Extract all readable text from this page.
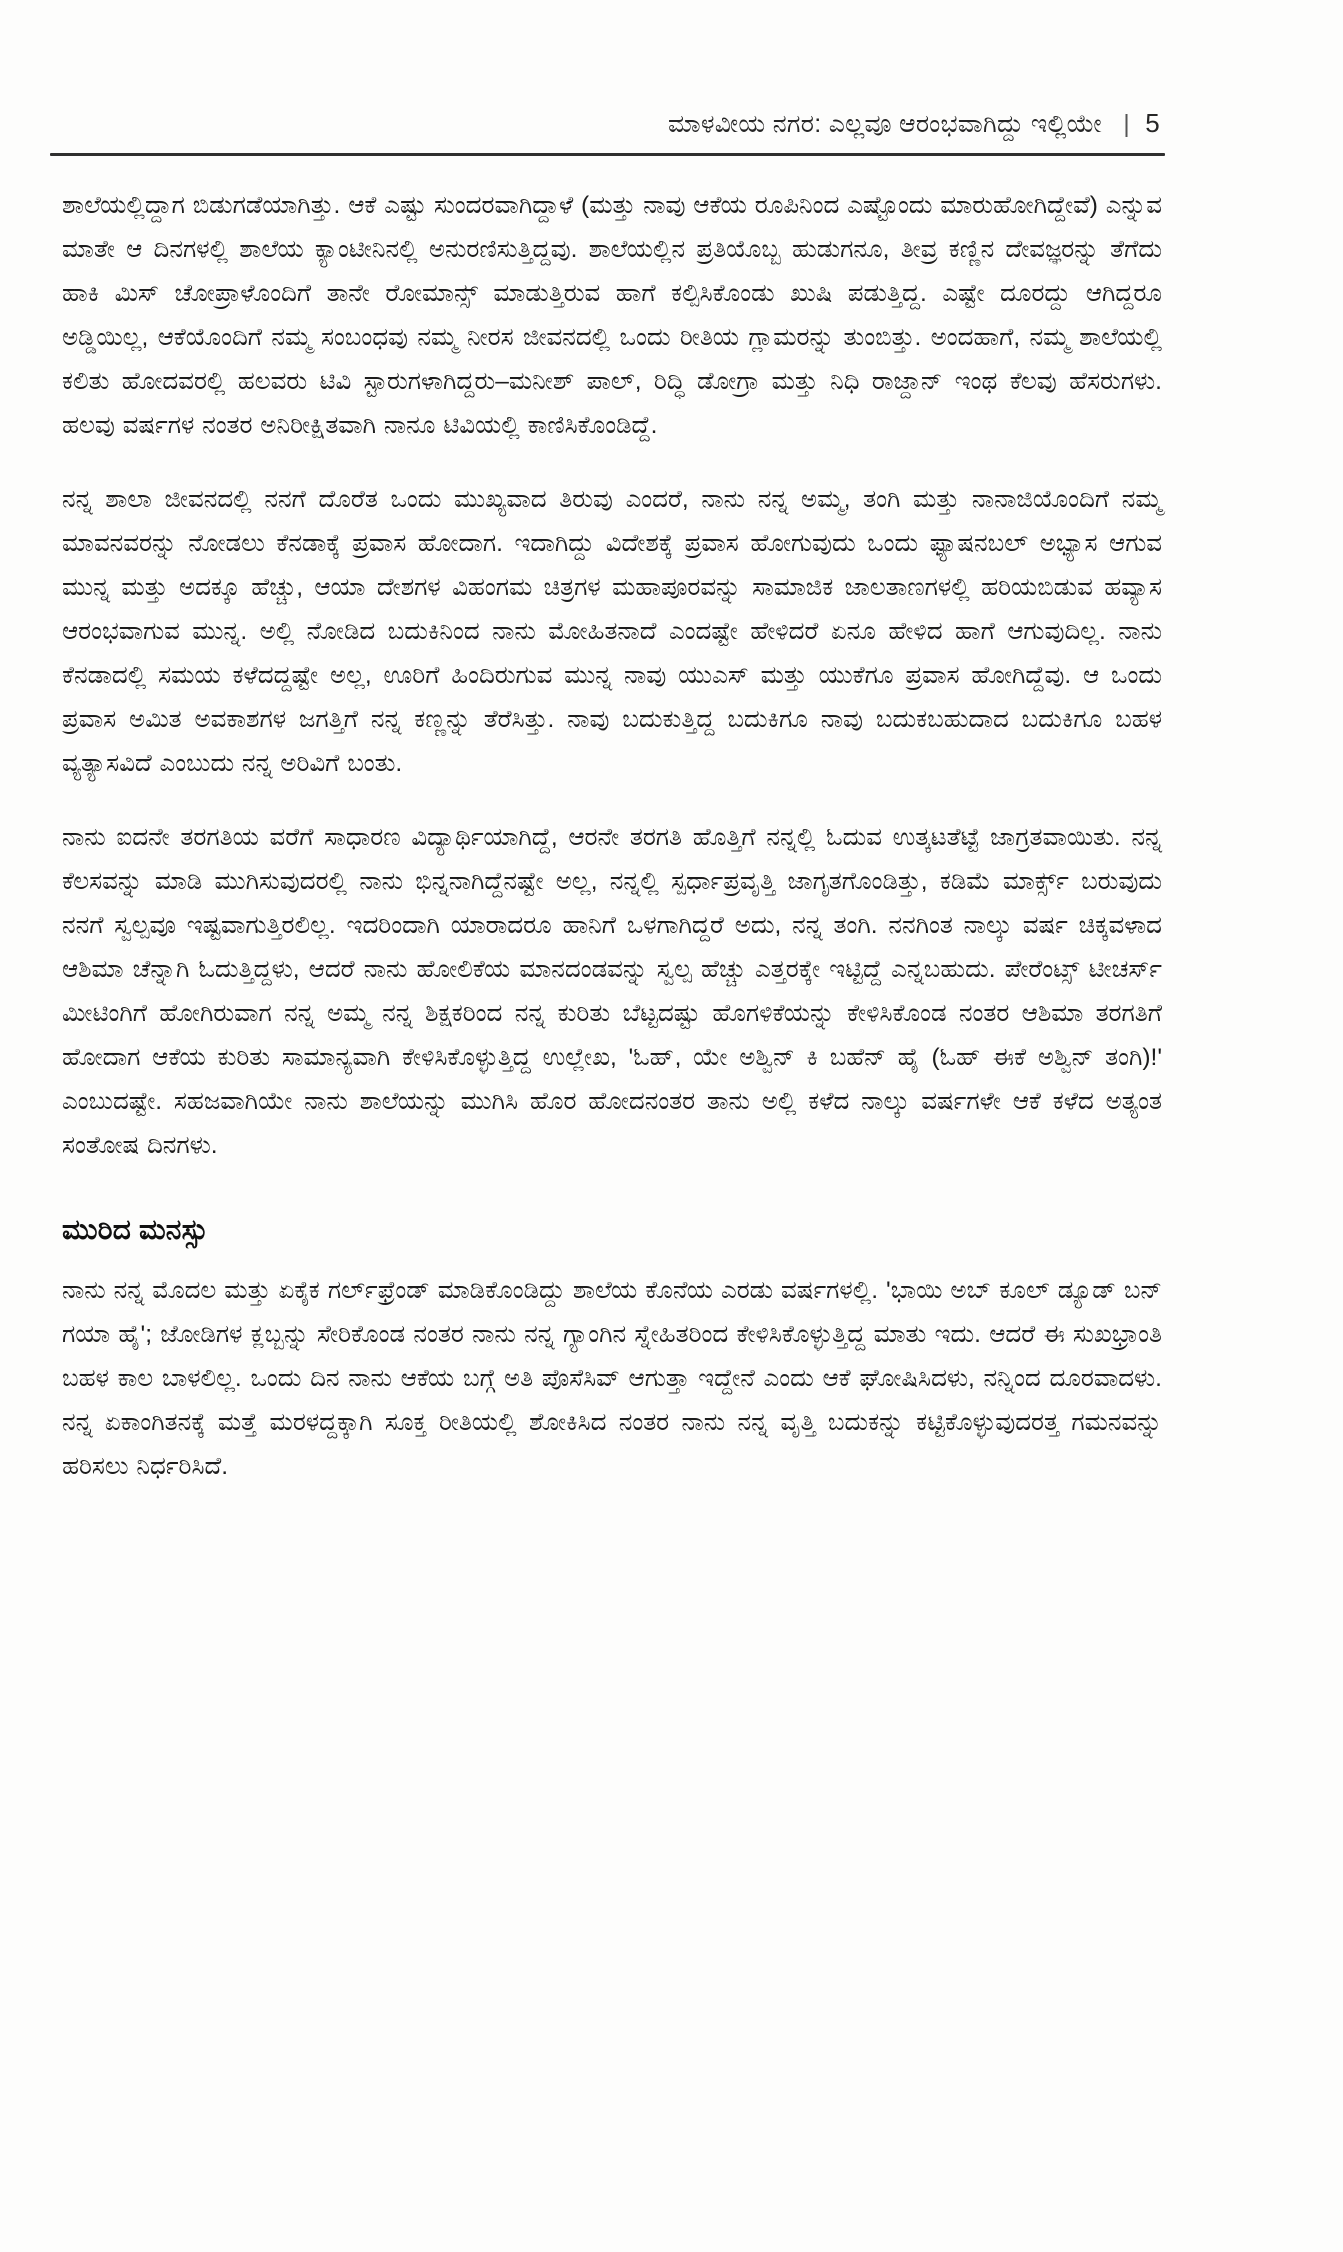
ಮಾಳವೀಯ ನಗರ: ಎಲ್ಲವೂ ಆರಂಭವಾಗಿದ್ದು ಇಲ್ಲಿಯೇ | 5

ಶಾಲೆಯಲ್ಲಿದ್ದಾಗ ಬಿಡುಗಡೆಯಾಗಿತ್ತು. ಆಕೆ ಎಷ್ಟು ಸುಂದರವಾಗಿದ್ದಾಳೆ (ಮತ್ತು ನಾವು ಆಕೆಯ ರೂಪಿನಿಂದ ಎಷ್ಟೊಂದು ಮಾರುಹೋಗಿದ್ದೇವೆ) ಎನ್ನುವ ಮಾತೇ ಆ ದಿನಗಳಲ್ಲಿ ಶಾಲೆಯ ಕ್ಯಾಂಟೀನಿನಲ್ಲಿ ಅನುರಣಿಸುತ್ತಿದ್ದವು. ಶಾಲೆಯಲ್ಲಿನ ಪ್ರತಿಯೊಬ್ಬ ಹುಡುಗನೂ, ತೀವ್ರ ಕಣ್ಣಿನ ದೇವಜ್ಞರನ್ನು ತೆಗೆದು ಹಾಕಿ ಮಿಸ್ ಚೋಪ್ರಾಳೊಂದಿಗೆ ತಾನೇ ರೋಮಾನ್ಸ್ ಮಾಡುತ್ತಿರುವ ಹಾಗೆ ಕಲ್ಪಿಸಿಕೊಂಡು ಖುಷಿ ಪಡುತ್ತಿದ್ದ. ಎಷ್ಟೇ ದೂರದ್ದು ಆಗಿದ್ದರೂ ಅಡ್ಡಿಯಿಲ್ಲ, ಆಕೆಯೊಂದಿಗೆ ನಮ್ಮ ಸಂಬಂಧವು ನಮ್ಮ ನೀರಸ ಜೀವನದಲ್ಲಿ ಒಂದು ರೀತಿಯ ಗ್ಲಾಮರನ್ನು ತುಂಬಿತ್ತು. ಅಂದಹಾಗೆ, ನಮ್ಮ ಶಾಲೆಯಲ್ಲಿ ಕಲಿತು ಹೋದವರಲ್ಲಿ ಹಲವರು ಟಿವಿ ಸ್ಟಾರುಗಳಾಗಿದ್ದರು–ಮನೀಶ್ ಪಾಲ್, ರಿದ್ಧಿ ಡೋಗ್ರಾ ಮತ್ತು ನಿಧಿ ರಾಜ್ದಾನ್ ಇಂಥ ಕೆಲವು ಹೆಸರುಗಳು. ಹಲವು ವರ್ಷಗಳ ನಂತರ ಅನಿರೀಕ್ಷಿತವಾಗಿ ನಾನೂ ಟಿವಿಯಲ್ಲಿ ಕಾಣಿಸಿಕೊಂಡಿದ್ದೆ.

ನನ್ನ ಶಾಲಾ ಜೀವನದಲ್ಲಿ ನನಗೆ ದೊರೆತ ಒಂದು ಮುಖ್ಯವಾದ ತಿರುವು ಎಂದರೆ, ನಾನು ನನ್ನ ಅಮ್ಮ, ತಂಗಿ ಮತ್ತು ನಾನಾಜಿಯೊಂದಿಗೆ ನಮ್ಮ ಮಾವನವರನ್ನು ನೋಡಲು ಕೆನಡಾಕ್ಕೆ ಪ್ರವಾಸ ಹೋದಾಗ. ಇದಾಗಿದ್ದು ವಿದೇಶಕ್ಕೆ ಪ್ರವಾಸ ಹೋಗುವುದು ಒಂದು ಫ್ಯಾಷನಬಲ್ ಅಭ್ಯಾಸ ಆಗುವ ಮುನ್ನ ಮತ್ತು ಅದಕ್ಕೂ ಹೆಚ್ಚು, ಆಯಾ ದೇಶಗಳ ವಿಹಂಗಮ ಚಿತ್ರಗಳ ಮಹಾಪೂರವನ್ನು ಸಾಮಾಜಿಕ ಜಾಲತಾಣಗಳಲ್ಲಿ ಹರಿಯಬಿಡುವ ಹವ್ಯಾಸ ಆರಂಭವಾಗುವ ಮುನ್ನ. ಅಲ್ಲಿ ನೋಡಿದ ಬದುಕಿನಿಂದ ನಾನು ಮೋಹಿತನಾದೆ ಎಂದಷ್ಟೇ ಹೇಳಿದರೆ ಏನೂ ಹೇಳಿದ ಹಾಗೆ ಆಗುವುದಿಲ್ಲ. ನಾನು ಕೆನಡಾದಲ್ಲಿ ಸಮಯ ಕಳೆದದ್ದಷ್ಟೇ ಅಲ್ಲ, ಊರಿಗೆ ಹಿಂದಿರುಗುವ ಮುನ್ನ ನಾವು ಯುಎಸ್ ಮತ್ತು ಯುಕೆಗೂ ಪ್ರವಾಸ ಹೋಗಿದ್ದೆವು. ಆ ಒಂದು ಪ್ರವಾಸ ಅಮಿತ ಅವಕಾಶಗಳ ಜಗತ್ತಿಗೆ ನನ್ನ ಕಣ್ಣನ್ನು ತೆರೆಸಿತ್ತು. ನಾವು ಬದುಕುತ್ತಿದ್ದ ಬದುಕಿಗೂ ನಾವು ಬದುಕಬಹುದಾದ ಬದುಕಿಗೂ ಬಹಳ ವ್ಯತ್ಯಾಸವಿದೆ ಎಂಬುದು ನನ್ನ ಅರಿವಿಗೆ ಬಂತು.

ನಾನು ಐದನೇ ತರಗತಿಯ ವರೆಗೆ ಸಾಧಾರಣ ವಿದ್ಯಾರ್ಥಿಯಾಗಿದ್ದೆ, ಆರನೇ ತರಗತಿ ಹೊತ್ತಿಗೆ ನನ್ನಲ್ಲಿ ಓದುವ ಉತ್ಕಟತೆಟ್ಟೆ ಜಾಗ್ರತವಾಯಿತು. ನನ್ನ ಕೆಲಸವನ್ನು ಮಾಡಿ ಮುಗಿಸುವುದರಲ್ಲಿ ನಾನು ಭಿನ್ನನಾಗಿದ್ದೆನಷ್ಟೇ ಅಲ್ಲ, ನನ್ನಲ್ಲಿ ಸ್ಪರ್ಧಾಪ್ರವೃತ್ತಿ ಜಾಗೃತಗೊಂಡಿತ್ತು, ಕಡಿಮೆ ಮಾರ್ಕ್ಸ್ ಬರುವುದು ನನಗೆ ಸ್ವಲ್ಪವೂ ಇಷ್ಟವಾಗುತ್ತಿರಲಿಲ್ಲ. ಇದರಿಂದಾಗಿ ಯಾರಾದರೂ ಹಾನಿಗೆ ಒಳಗಾಗಿದ್ದರೆ ಅದು, ನನ್ನ ತಂಗಿ. ನನಗಿಂತ ನಾಲ್ಕು ವರ್ಷ ಚಿಕ್ಕವಳಾದ ಆಶಿಮಾ ಚೆನ್ನಾಗಿ ಓದುತ್ತಿದ್ದಳು, ಆದರೆ ನಾನು ಹೋಲಿಕೆಯ ಮಾನದಂಡವನ್ನು ಸ್ವಲ್ಪ ಹೆಚ್ಚು ಎತ್ತರಕ್ಕೇ ಇಟ್ಟಿದ್ದೆ ಎನ್ನಬಹುದು. ಪೇರೆಂಟ್ಸ್ ಟೀಚರ್ಸ್ ಮೀಟಿಂಗಿಗೆ ಹೋಗಿರುವಾಗ ನನ್ನ ಅಮ್ಮ ನನ್ನ ಶಿಕ್ಷಕರಿಂದ ನನ್ನ ಕುರಿತು ಬೆಟ್ಟದಷ್ಟು ಹೊಗಳಿಕೆಯನ್ನು ಕೇಳಿಸಿಕೊಂಡ ನಂತರ ಆಶಿಮಾ ತರಗತಿಗೆ ಹೋದಾಗ ಆಕೆಯ ಕುರಿತು ಸಾಮಾನ್ಯವಾಗಿ ಕೇಳಿಸಿಕೊಳ್ಳುತ್ತಿದ್ದ ಉಲ್ಲೇಖ, 'ಓಹ್, ಯೇ ಅಶ್ವಿನ್ ಕಿ ಬಹೆನ್ ಹೈ (ಓಹ್ ಈಕೆ ಅಶ್ವಿನ್ ತಂಗಿ)!' ಎಂಬುದಷ್ಟೇ. ಸಹಜವಾಗಿಯೇ ನಾನು ಶಾಲೆಯನ್ನು ಮುಗಿಸಿ ಹೊರ ಹೋದನಂತರ ತಾನು ಅಲ್ಲಿ ಕಳೆದ ನಾಲ್ಕು ವರ್ಷಗಳೇ ಆಕೆ ಕಳೆದ ಅತ್ಯಂತ ಸಂತೋಷ ದಿನಗಳು.

ಮುರಿದ ಮನಸ್ಸು

ನಾನು ನನ್ನ ಮೊದಲ ಮತ್ತು ಏಕೈಕ ಗರ್ಲ್‌ಫ್ರೆಂಡ್ ಮಾಡಿಕೊಂಡಿದ್ದು ಶಾಲೆಯ ಕೊನೆಯ ಎರಡು ವರ್ಷಗಳಲ್ಲಿ. 'ಭಾಯಿ ಅಬ್ ಕೂಲ್ ಡ್ಯೂಡ್ ಬನ್ ಗಯಾ ಹೈ'; ಜೋಡಿಗಳ ಕ್ಲಬ್ಬನ್ನು ಸೇರಿಕೊಂಡ ನಂತರ ನಾನು ನನ್ನ ಗ್ಯಾಂಗಿನ ಸ್ನೇಹಿತರಿಂದ ಕೇಳಿಸಿಕೊಳ್ಳುತ್ತಿದ್ದ ಮಾತು ಇದು. ಆದರೆ ಈ ಸುಖಭ್ರಾಂತಿ ಬಹಳ ಕಾಲ ಬಾಳಲಿಲ್ಲ. ಒಂದು ದಿನ ನಾನು ಆಕೆಯ ಬಗ್ಗೆ ಅತಿ ಪೊಸೆಸಿವ್ ಆಗುತ್ತಾ ಇದ್ದೇನೆ ಎಂದು ಆಕೆ ಘೋಷಿಸಿದಳು, ನನ್ನಿಂದ ದೂರವಾದಳು. ನನ್ನ ಏಕಾಂಗಿತನಕ್ಕೆ ಮತ್ತೆ ಮರಳದ್ದಕ್ಕಾಗಿ ಸೂಕ್ತ ರೀತಿಯಲ್ಲಿ ಶೋಕಿಸಿದ ನಂತರ ನಾನು ನನ್ನ ವೃತ್ತಿ ಬದುಕನ್ನು ಕಟ್ಟಿಕೊಳ್ಳುವುದರತ್ತ ಗಮನವನ್ನು ಹರಿಸಲು ನಿರ್ಧರಿಸಿದೆ.
